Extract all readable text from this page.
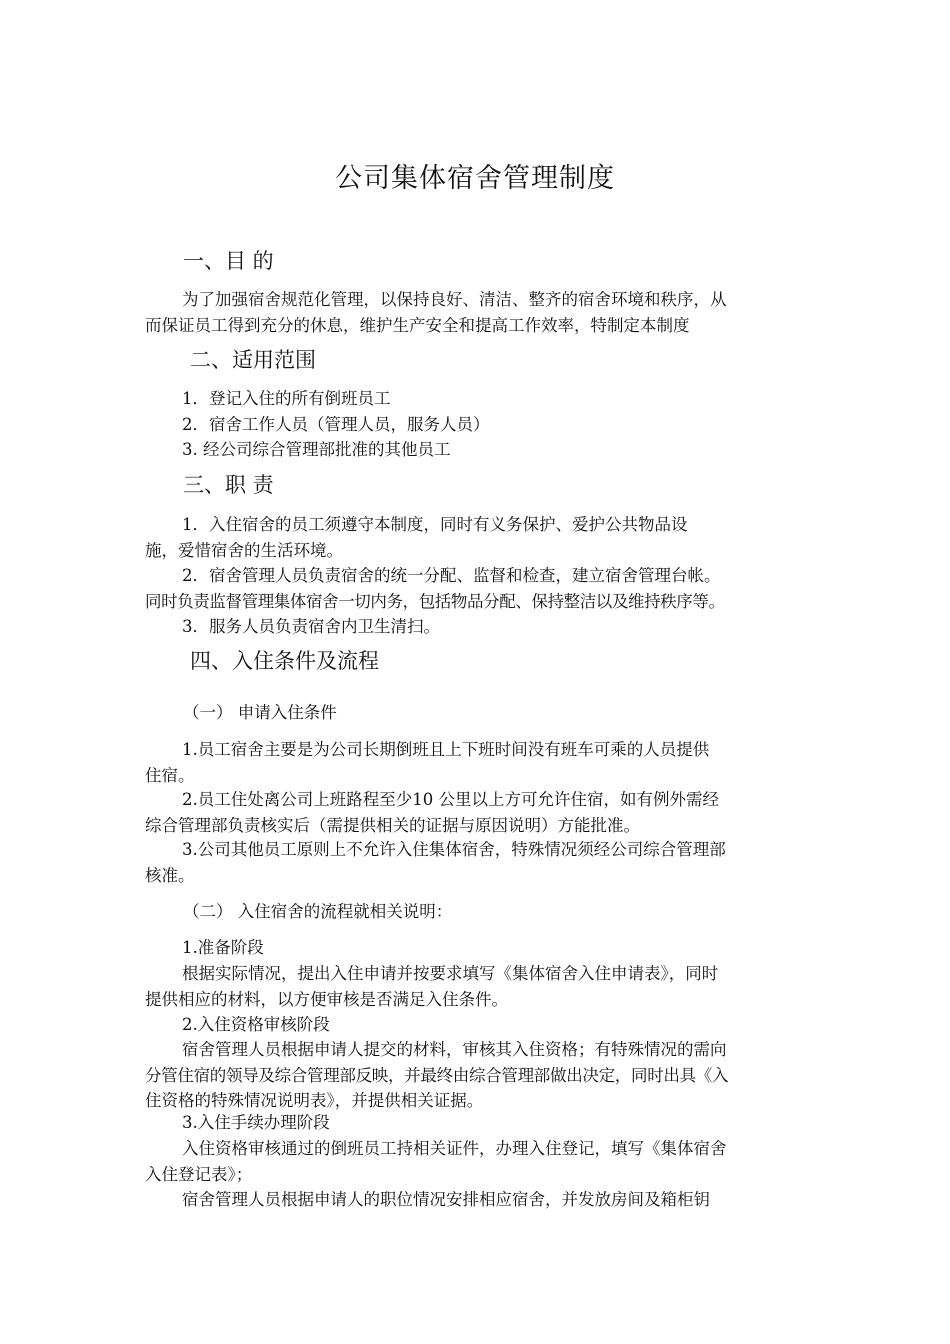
公司集体宿舍管理制度
一、目 的
为了加强宿舍规范化管理，以保持良好、清洁、整齐的宿舍环境和秩序，从
而保证员工得到充分的休息，维护生产安全和提高工作效率，特制定本制度
二、适用范围
1．登记入住的所有倒班员工
2．宿舍工作人员（管理人员，服务人员）
3. 经公司综合管理部批准的其他员工
三、职 责
1．入住宿舍的员工须遵守本制度，同时有义务保护、爱护公共物品设
施，爱惜宿舍的生活环境。
2．宿舍管理人员负责宿舍的统一分配、监督和检查，建立宿舍管理台帐。
同时负责监督管理集体宿舍一切内务，包括物品分配、保持整洁以及维持秩序等。
3．服务人员负责宿舍内卫生清扫。
四、入住条件及流程
（一） 申请入住条件
1.员工宿舍主要是为公司长期倒班且上下班时间没有班车可乘的人员提供
住宿。
2.员工住处离公司上班路程至少10 公里以上方可允许住宿，如有例外需经
综合管理部负责核实后（需提供相关的证据与原因说明）方能批准。
3.公司其他员工原则上不允许入住集体宿舍，特殊情况须经公司综合管理部
核准。
（二） 入住宿舍的流程就相关说明：
1.准备阶段
根据实际情况，提出入住申请并按要求填写《集体宿舍入住申请表》，同时
提供相应的材料，以方便审核是否满足入住条件。
2.入住资格审核阶段
宿舍管理人员根据申请人提交的材料，审核其入住资格；有特殊情况的需向
分管住宿的领导及综合管理部反映，并最终由综合管理部做出决定，同时出具《入
住资格的特殊情况说明表》，并提供相关证据。
3.入住手续办理阶段
入住资格审核通过的倒班员工持相关证件，办理入住登记，填写《集体宿舍
入住登记表》；
宿舍管理人员根据申请人的职位情况安排相应宿舍，并发放房间及箱柜钥
